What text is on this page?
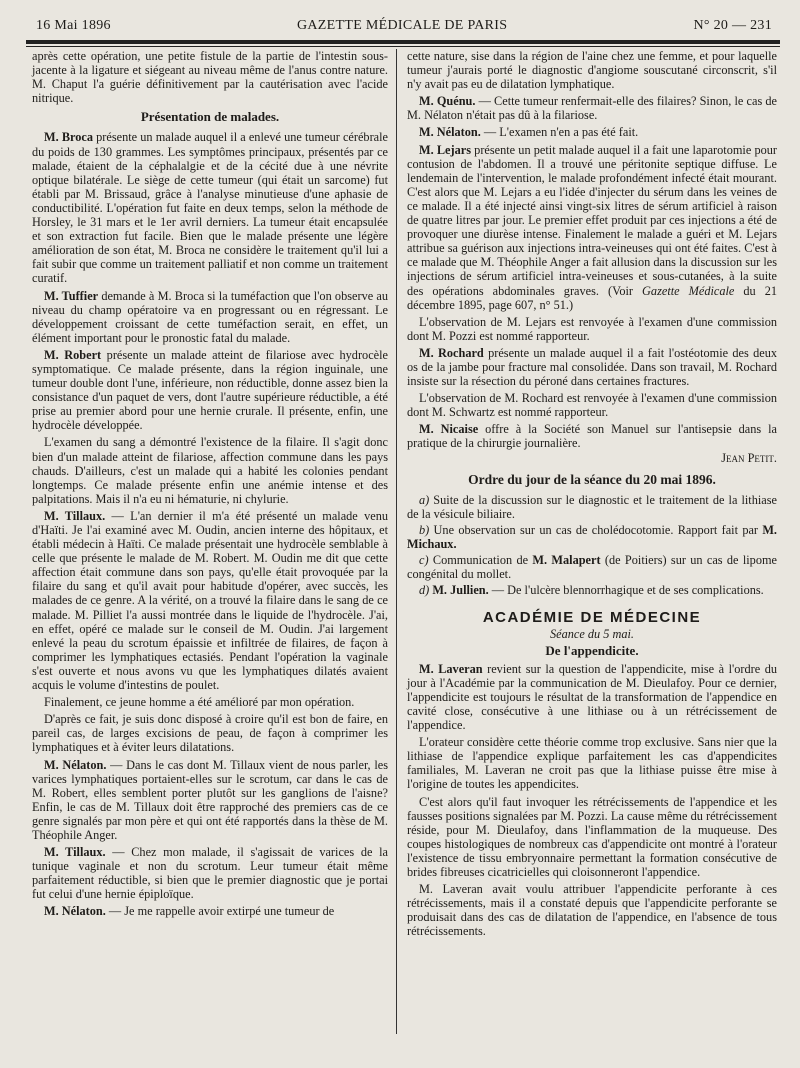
16 Mai 1896	GAZETTE MÉDICALE DE PARIS	N° 20 — 231

après cette opération, une petite fistule de la partie de l'intestin sous-jacente à la ligature et siégeant au niveau même de l'anus contre nature. M. Chaput l'a guérie définitivement par la cautérisation avec l'acide nitrique.

Présentation de malades.

M. Broca présente un malade auquel il a enlevé une tumeur cérébrale du poids de 130 grammes. Les symptômes principaux, présentés par ce malade, étaient de la céphalalgie et de la cécité due à une névrite optique bilatérale. Le siège de cette tumeur (qui était un sarcome) fut établi par M. Brissaud, grâce à l'analyse minutieuse d'une aphasie de conductibilité. L'opération fut faite en deux temps, selon la méthode de Horsley, le 31 mars et le 1er avril derniers. La tumeur était encapsulée et son extraction fut facile. Bien que le malade présente une légère amélioration de son état, M. Broca ne considère le traitement qu'il lui a fait subir que comme un traitement palliatif et non comme un traitement curatif.

M. Tuffier demande à M. Broca si la tuméfaction que l'on observe au niveau du champ opératoire va en progressant ou en régressant. Le développement croissant de cette tuméfaction serait, en effet, un élément important pour le pronostic fatal du malade.

M. Robert présente un malade atteint de filariose avec hydrocèle symptomatique. Ce malade présente, dans la région inguinale, une tumeur double dont l'une, inférieure, non réductible, donne assez bien la consistance d'un paquet de vers, dont l'autre supérieure réductible, a été prise au premier abord pour une hernie crurale. Il présente, enfin, une hydrocèle développée.

L'examen du sang a démontré l'existence de la filaire. Il s'agit donc bien d'un malade atteint de filariose, affection commune dans les pays chauds. D'ailleurs, c'est un malade qui a habité les colonies pendant longtemps. Ce malade présente enfin une anémie intense et des palpitations. Mais il n'a eu ni hématurie, ni chylurie.

M. Tillaux. — L'an dernier il m'a été présenté un malade venu d'Haïti. Je l'ai examiné avec M. Oudin, ancien interne des hôpitaux, et établi médecin à Haïti. Ce malade présentait une hydrocèle semblable à celle que présente le malade de M. Robert. M. Oudin me dit que cette affection était commune dans son pays, qu'elle était provoquée par la filaire du sang et qu'il avait pour habitude d'opérer, avec succès, les malades de ce genre. A la vérité, on a trouvé la filaire dans le sang de ce malade. M. Pilliet l'a aussi montrée dans le liquide de l'hydrocèle. J'ai, en effet, opéré ce malade sur le conseil de M. Oudin. J'ai largement enlevé la peau du scrotum épaissie et infiltrée de filaires, de façon à comprimer les lymphatiques ectasiés. Pendant l'opération la vaginale s'est ouverte et nous avons vu que les lymphatiques dilatés avaient acquis le volume d'intestins de poulet.

Finalement, ce jeune homme a été amélioré par mon opération.

D'après ce fait, je suis donc disposé à croire qu'il est bon de faire, en pareil cas, de larges excisions de peau, de façon à comprimer les lymphatiques et à éviter leurs dilatations.

M. Nélaton. — Dans le cas dont M. Tillaux vient de nous parler, les varices lymphatiques portaient-elles sur le scrotum, car dans le cas de M. Robert, elles semblent porter plutôt sur les ganglions de l'aisne? Enfin, le cas de M. Tillaux doit être rapproché des premiers cas de ce genre signalés par mon père et qui ont été rapportés dans la thèse de M. Théophile Anger.

M. Tillaux. — Chez mon malade, il s'agissait de varices de la tunique vaginale et non du scrotum. Leur tumeur était même parfaitement réductible, si bien que le premier diagnostic que je portai fut celui d'une hernie épiploïque.

M. Nélaton. — Je me rappelle avoir extirpé une tumeur de

cette nature, sise dans la région de l'aine chez une femme, et pour laquelle tumeur j'aurais porté le diagnostic d'angiome souscutané circonscrit, s'il n'y avait pas eu de dilatation lymphatique.

M. Quénu. — Cette tumeur renfermait-elle des filaires? Sinon, le cas de M. Nélaton n'était pas dû à la filariose.

M. Nélaton. — L'examen n'en a pas été fait.

M. Lejars présente un petit malade auquel il a fait une laparotomie pour contusion de l'abdomen. Il a trouvé une péritonite septique diffuse. Le lendemain de l'intervention, le malade profondément infecté était mourant. C'est alors que M. Lejars a eu l'idée d'injecter du sérum dans les veines de ce malade. Il a été injecté ainsi vingt-six litres de sérum artificiel à raison de quatre litres par jour. Le premier effet produit par ces injections a été de provoquer une diurèse intense. Finalement le malade a guéri et M. Lejars attribue sa guérison aux injections intra-veineuses qui ont été faites. C'est à ce malade que M. Théophile Anger a fait allusion dans la discussion sur les injections de sérum artificiel intra-veineuses et sous-cutanées, à la suite des opérations abdominales graves. (Voir Gazette Médicale du 21 décembre 1895, page 607, n° 51.)

L'observation de M. Lejars est renvoyée à l'examen d'une commission dont M. Pozzi est nommé rapporteur.

M. Rochard présente un malade auquel il a fait l'ostéotomie des deux os de la jambe pour fracture mal consolidée. Dans son travail, M. Rochard insiste sur la résection du péroné dans certaines fractures.

L'observation de M. Rochard est renvoyée à l'examen d'une commission dont M. Schwartz est nommé rapporteur.

M. Nicaise offre à la Société son Manuel sur l'antisepsie dans la pratique de la chirurgie journalière.
Jean Petit.

Ordre du jour de la séance du 20 mai 1896.

a) Suite de la discussion sur le diagnostic et le traitement de la lithiase de la vésicule biliaire.

b) Une observation sur un cas de cholédocotomie. Rapport fait par M. Michaux.

c) Communication de M. Malapert (de Poitiers) sur un cas de lipome congénital du mollet.

d) M. Jullien. — De l'ulcère blennorrhagique et de ses complications.

ACADÉMIE DE MÉDECINE
Séance du 5 mai.
De l'appendicite.

M. Laveran revient sur la question de l'appendicite, mise à l'ordre du jour à l'Académie par la communication de M. Dieulafoy. Pour ce dernier, l'appendicite est toujours le résultat de la transformation de l'appendice en cavité close, consécutive à une lithiase ou à un rétrécissement de l'appendice.

L'orateur considère cette théorie comme trop exclusive. Sans nier que la lithiase de l'appendice explique parfaitement les cas d'appendicites familiales, M. Laveran ne croit pas que la lithiase puisse être mise à l'origine de toutes les appendicites.

C'est alors qu'il faut invoquer les rétrécissements de l'appendice et les fausses positions signalées par M. Pozzi. La cause même du rétrécissement réside, pour M. Dieulafoy, dans l'inflammation de la muqueuse. Des coupes histologiques de nombreux cas d'appendicite ont montré à l'orateur l'existence de tissu embryonnaire permettant la formation consécutive de brides fibreuses cicatricielles qui cloisonneront l'appendice.

M. Laveran avait voulu attribuer l'appendicite perforante à ces rétrécissements, mais il a constaté depuis que l'appendicite perforante se produisait dans des cas de dilatation de l'appendice, en l'absence de tous rétrécissements.
